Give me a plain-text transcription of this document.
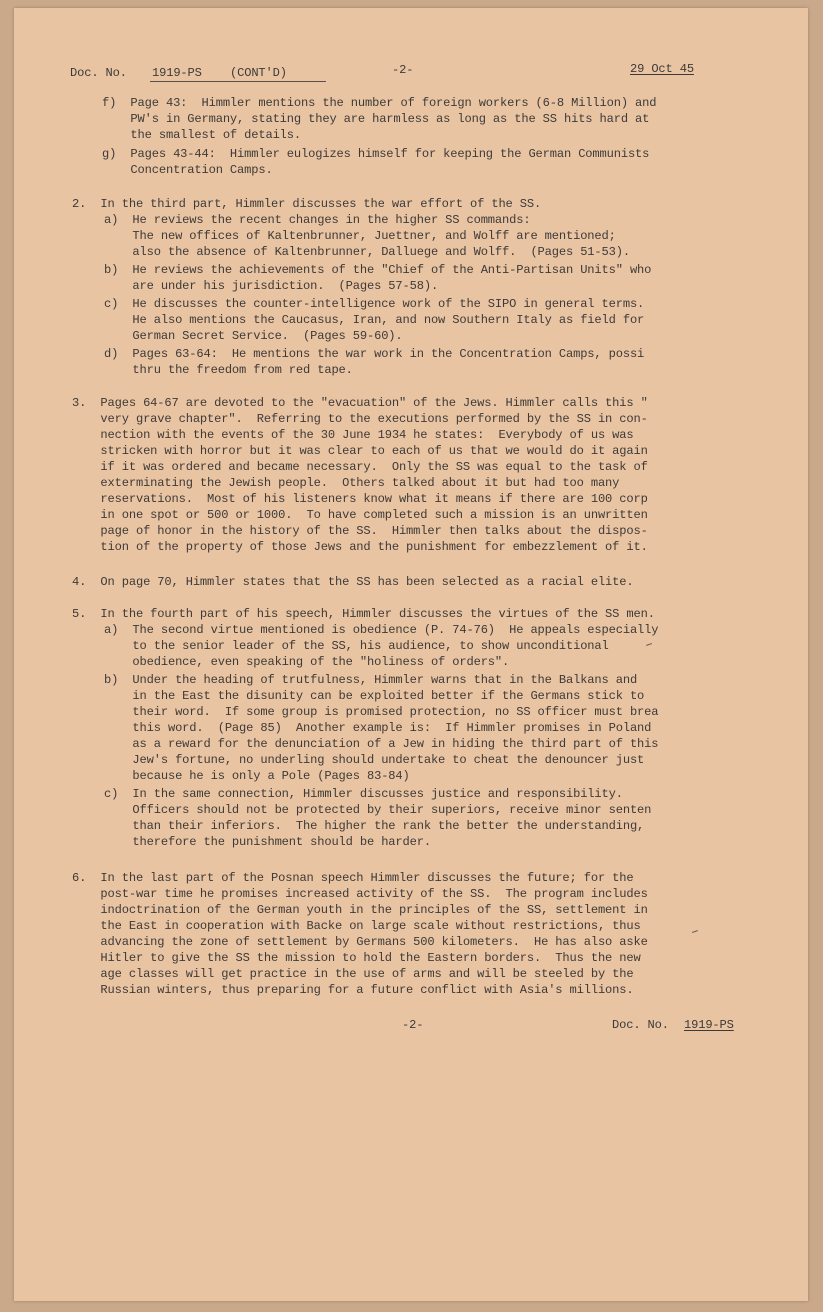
Doc. No. 1919-PS (CONT'D)	-2-	29 Oct 45
f)  Page 43:  Himmler mentions the number of foreign workers (6-8 Million) and
PW's in Germany, stating they are harmless as long as the SS hits hard at
the smallest of details.
g)  Pages 43-44:  Himmler eulogizes himself for keeping the German Communists
Concentration Camps.
2.  In the third part, Himmler discusses the war effort of the SS.
a)  He reviews the recent changes in the higher SS commands:
The new offices of Kaltenbrunner, Juettner, and Wolff are mentioned;
also the absence of Kaltenbrunner, Dalluege and Wolff.  (Pages 51-53).
b)  He reviews the achievements of the "Chief of the Anti-Partisan Units" who
are under his jurisdiction.  (Pages 57-58).
c)  He discusses the counter-intelligence work of the SIPO in general terms.
He also mentions the Caucasus, Iran, and now Southern Italy as field for
German Secret Service.  (Pages 59-60).
d)  Pages 63-64:  He mentions the war work in the Concentration Camps, possi
thru the freedom from red tape.
3.  Pages 64-67 are devoted to the "evacuation" of the Jews. Himmler calls this "
very grave chapter".  Referring to the executions performed by the SS in con-
nection with the events of the 30 June 1934 he states:  Everybody of us was
stricken with horror but it was clear to each of us that we would do it again
if it was ordered and became necessary.  Only the SS was equal to the task of
exterminating the Jewish people.  Others talked about it but had too many
reservations.  Most of his listeners know what it means if there are 100 corp
in one spot or 500 or 1000.  To have completed such a mission is an unwritten
page of honor in the history of the SS.  Himmler then talks about the dispos-
tion of the property of those Jews and the punishment for embezzlement of it.
4.  On page 70, Himmler states that the SS has been selected as a racial elite.
5.  In the fourth part of his speech, Himmler discusses the virtues of the SS men.
a)  The second virtue mentioned is obedience (P. 74-76)  He appeals especially
to the senior leader of the SS, his audience, to show unconditional
obedience, even speaking of the "holiness of orders".
b)  Under the heading of trutfulness, Himmler warns that in the Balkans and
in the East the disunity can be exploited better if the Germans stick to
their word.  If some group is promised protection, no SS officer must brea
this word.  (Page 85)  Another example is:  If Himmler promises in Poland
as a reward for the denunciation of a Jew in hiding the third part of this
Jew's fortune, no underling should undertake to cheat the denouncer just
because he is only a Pole (Pages 83-84)
c)  In the same connection, Himmler discusses justice and responsibility.
Officers should not be protected by their superiors, receive minor senten
than their inferiors.  The higher the rank the better the understanding,
therefore the punishment should be harder.
6.  In the last part of the Posnan speech Himmler discusses the future; for the
post-war time he promises increased activity of the SS.  The program includes
indoctrination of the German youth in the principles of the SS, settlement in
the East in cooperation with Backe on large scale without restrictions, thus
advancing the zone of settlement by Germans 500 kilometers.  He has also aske
Hitler to give the SS the mission to hold the Eastern borders.  Thus the new
age classes will get practice in the use of arms and will be steeled by the
Russian winters, thus preparing for a future conflict with Asia's millions.
-2-	Doc. No. 1919-PS
